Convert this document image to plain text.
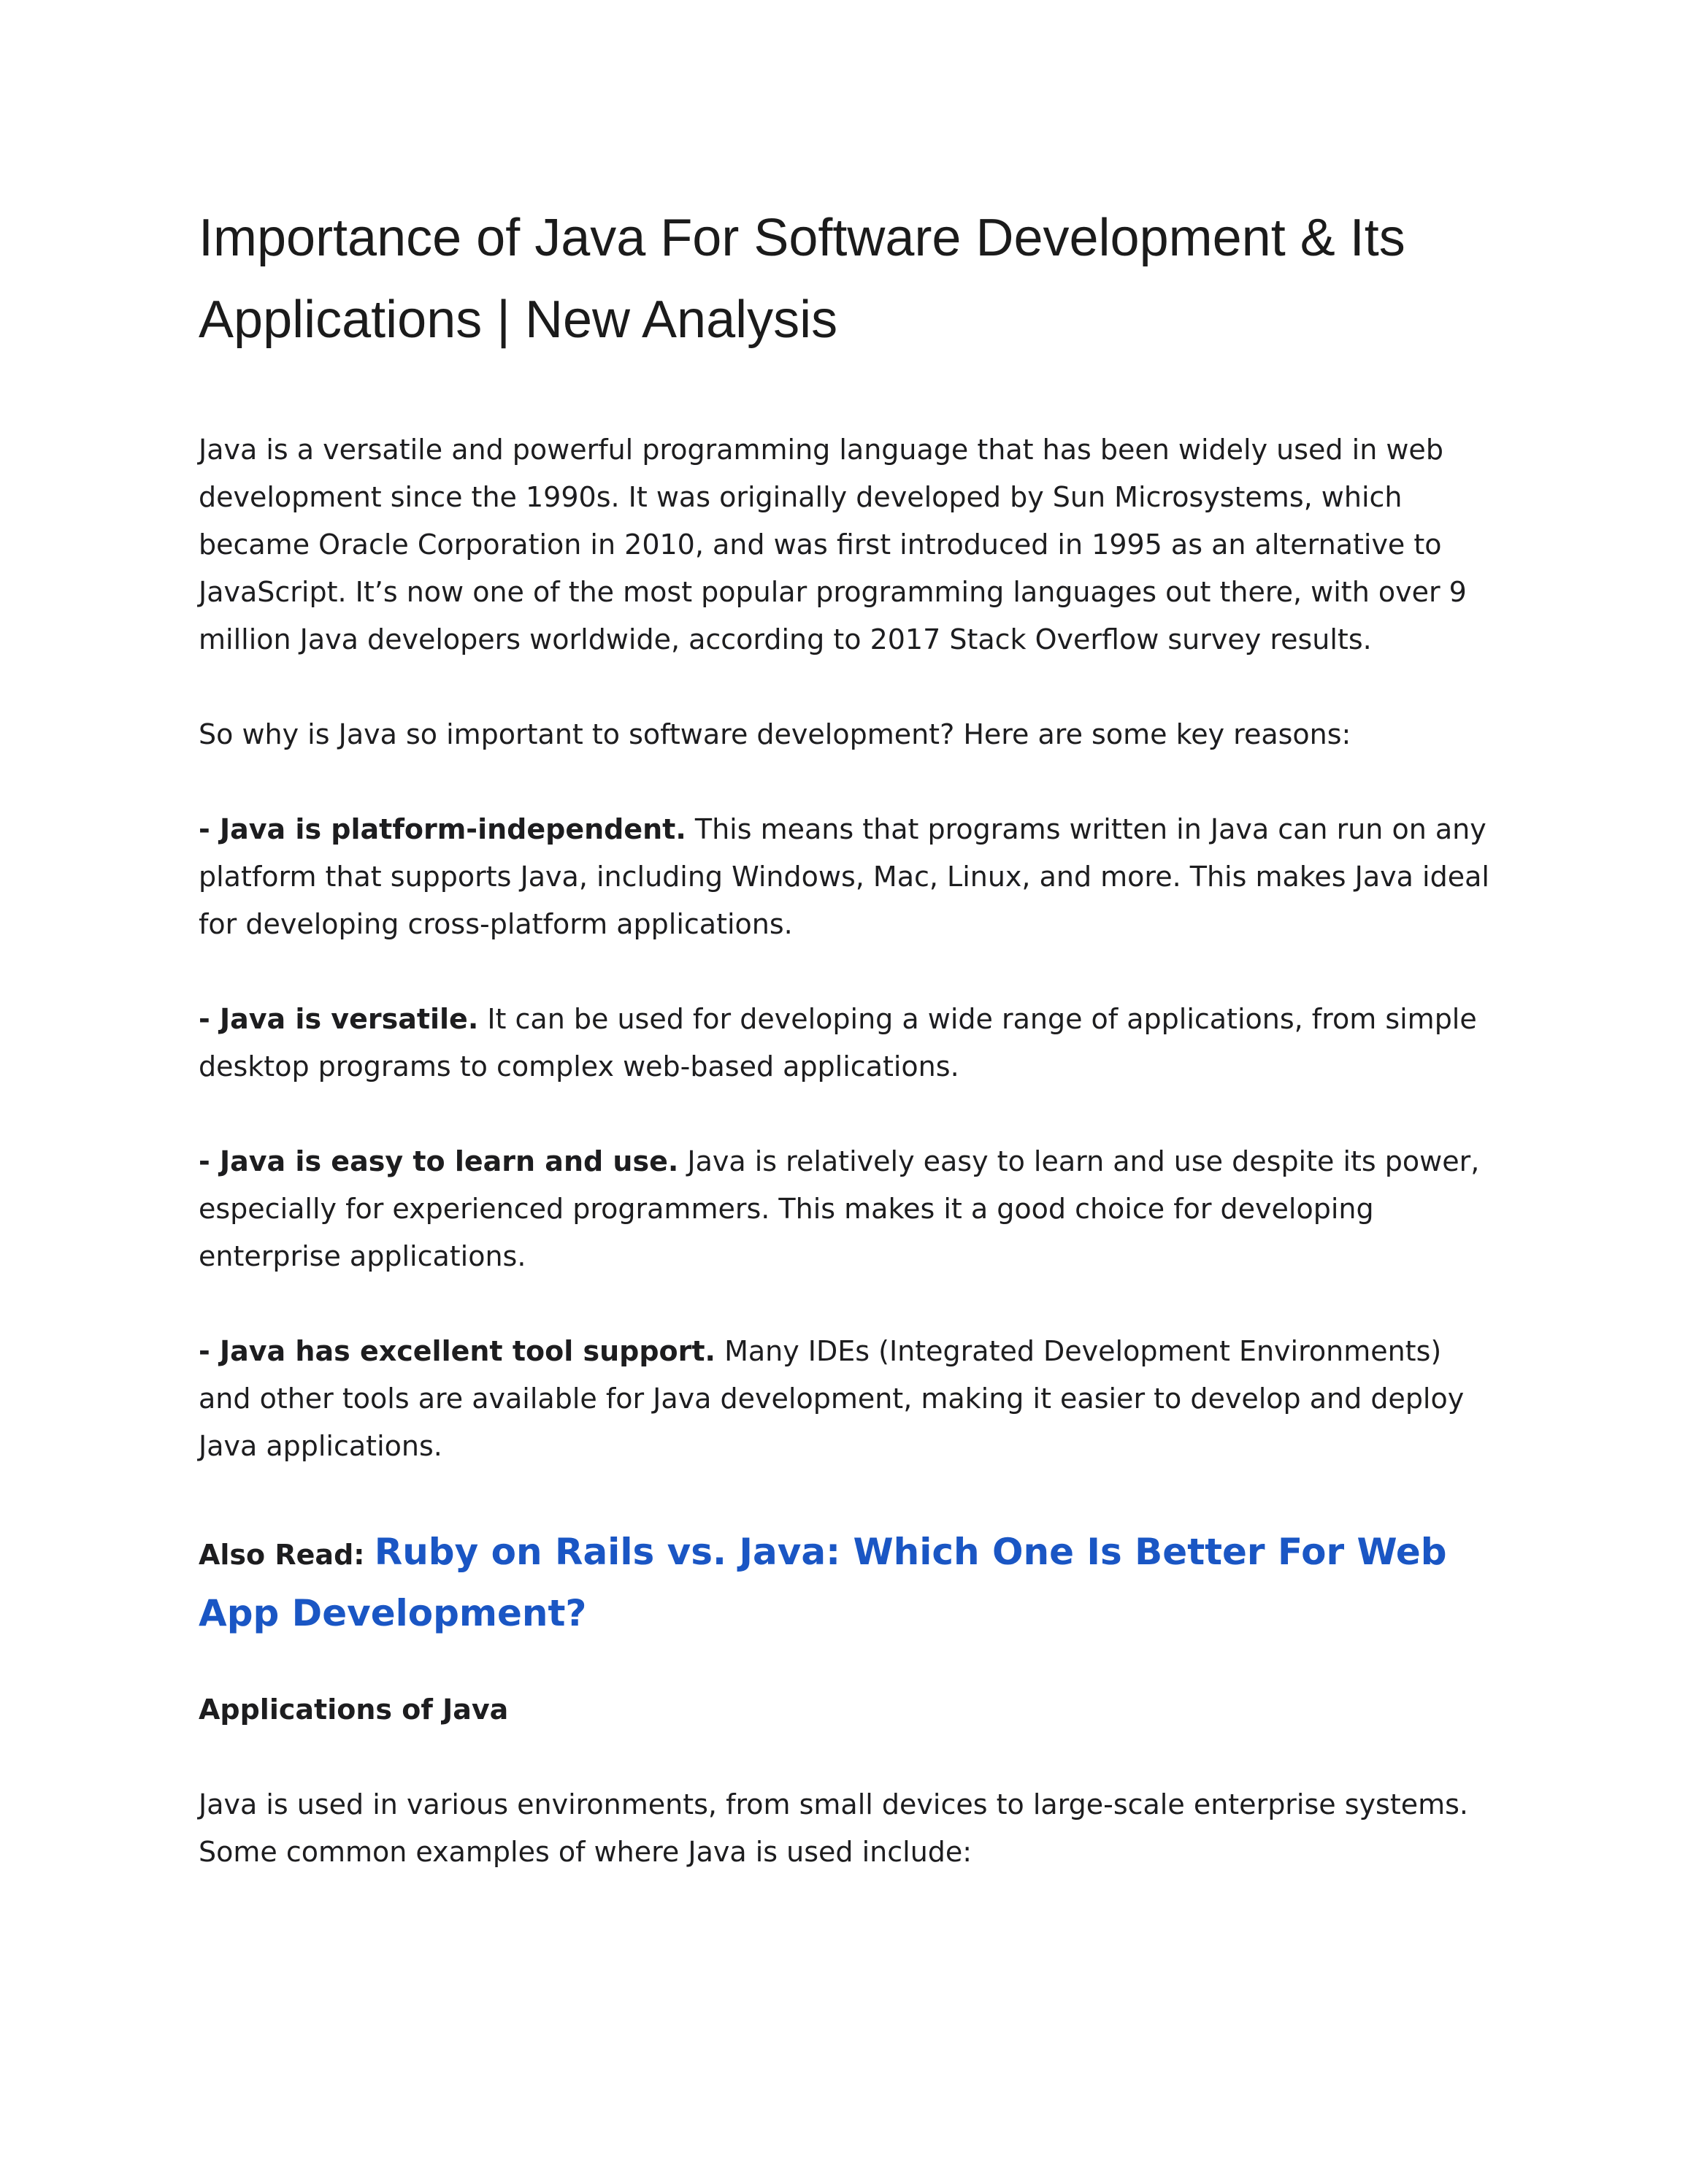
Importance of Java For Software Development & Its Applications | New Analysis

Java is a versatile and powerful programming language that has been widely used in web development since the 1990s. It was originally developed by Sun Microsystems, which became Oracle Corporation in 2010, and was first introduced in 1995 as an alternative to JavaScript. It’s now one of the most popular programming languages out there, with over 9 million Java developers worldwide, according to 2017 Stack Overflow survey results.

So why is Java so important to software development? Here are some key reasons:

- Java is platform-independent. This means that programs written in Java can run on any platform that supports Java, including Windows, Mac, Linux, and more. This makes Java ideal for developing cross-platform applications.

- Java is versatile. It can be used for developing a wide range of applications, from simple desktop programs to complex web-based applications.

- Java is easy to learn and use. Java is relatively easy to learn and use despite its power, especially for experienced programmers. This makes it a good choice for developing enterprise applications.

- Java has excellent tool support. Many IDEs (Integrated Development Environments) and other tools are available for Java development, making it easier to develop and deploy Java applications.

Also Read: Ruby on Rails vs. Java: Which One Is Better For Web App Development?

Applications of Java

Java is used in various environments, from small devices to large-scale enterprise systems. Some common examples of where Java is used include:
